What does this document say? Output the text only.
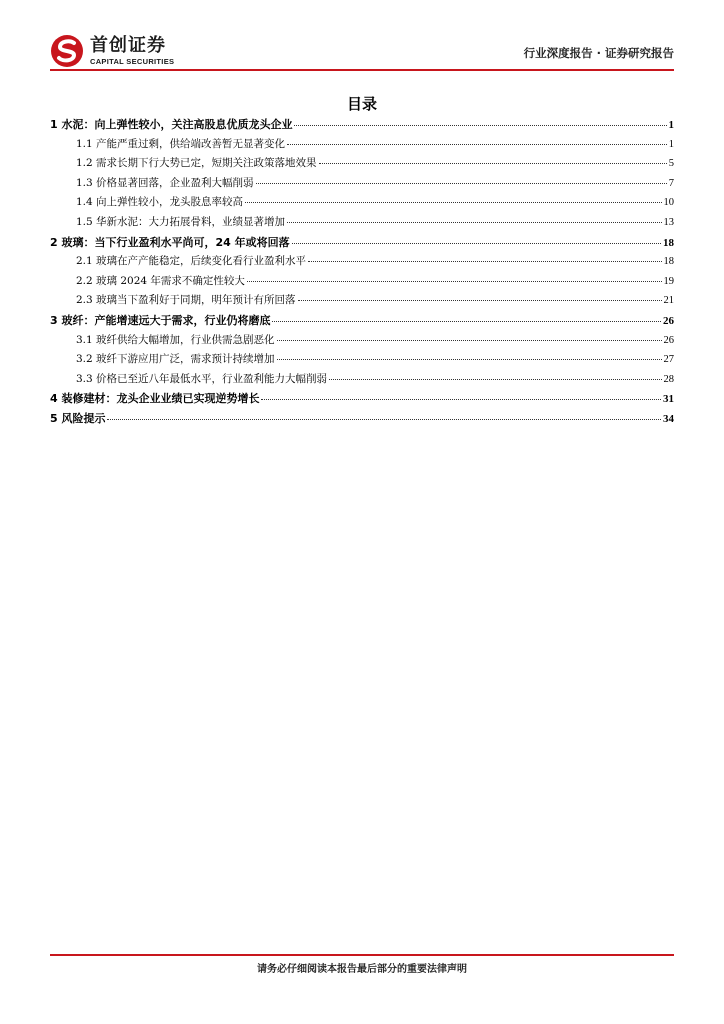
首创证券
CAPITAL SECURITIES
行业深度报告 · 证券研究报告
目录
1 水泥：向上弹性较小，关注高股息优质龙头企业	1
1.1 产能严重过剩，供给端改善暂无显著变化	1
1.2 需求长期下行大势已定，短期关注政策落地效果	5
1.3 价格显著回落，企业盈利大幅削弱	7
1.4 向上弹性较小，龙头股息率较高	10
1.5 华新水泥：大力拓展骨料，业绩显著增加	13
2 玻璃：当下行业盈利水平尚可，24 年或将回落	18
2.1 玻璃在产产能稳定，后续变化看行业盈利水平	18
2.2 玻璃 2024 年需求不确定性较大	19
2.3 玻璃当下盈利好于同期，明年预计有所回落	21
3 玻纤：产能增速远大于需求，行业仍将磨底	26
3.1 玻纤供给大幅增加，行业供需急剧恶化	26
3.2 玻纤下游应用广泛，需求预计持续增加	27
3.3 价格已至近八年最低水平，行业盈利能力大幅削弱	28
4 装修建材：龙头企业业绩已实现逆势增长	31
5 风险提示	34
请务必仔细阅读本报告最后部分的重要法律声明
